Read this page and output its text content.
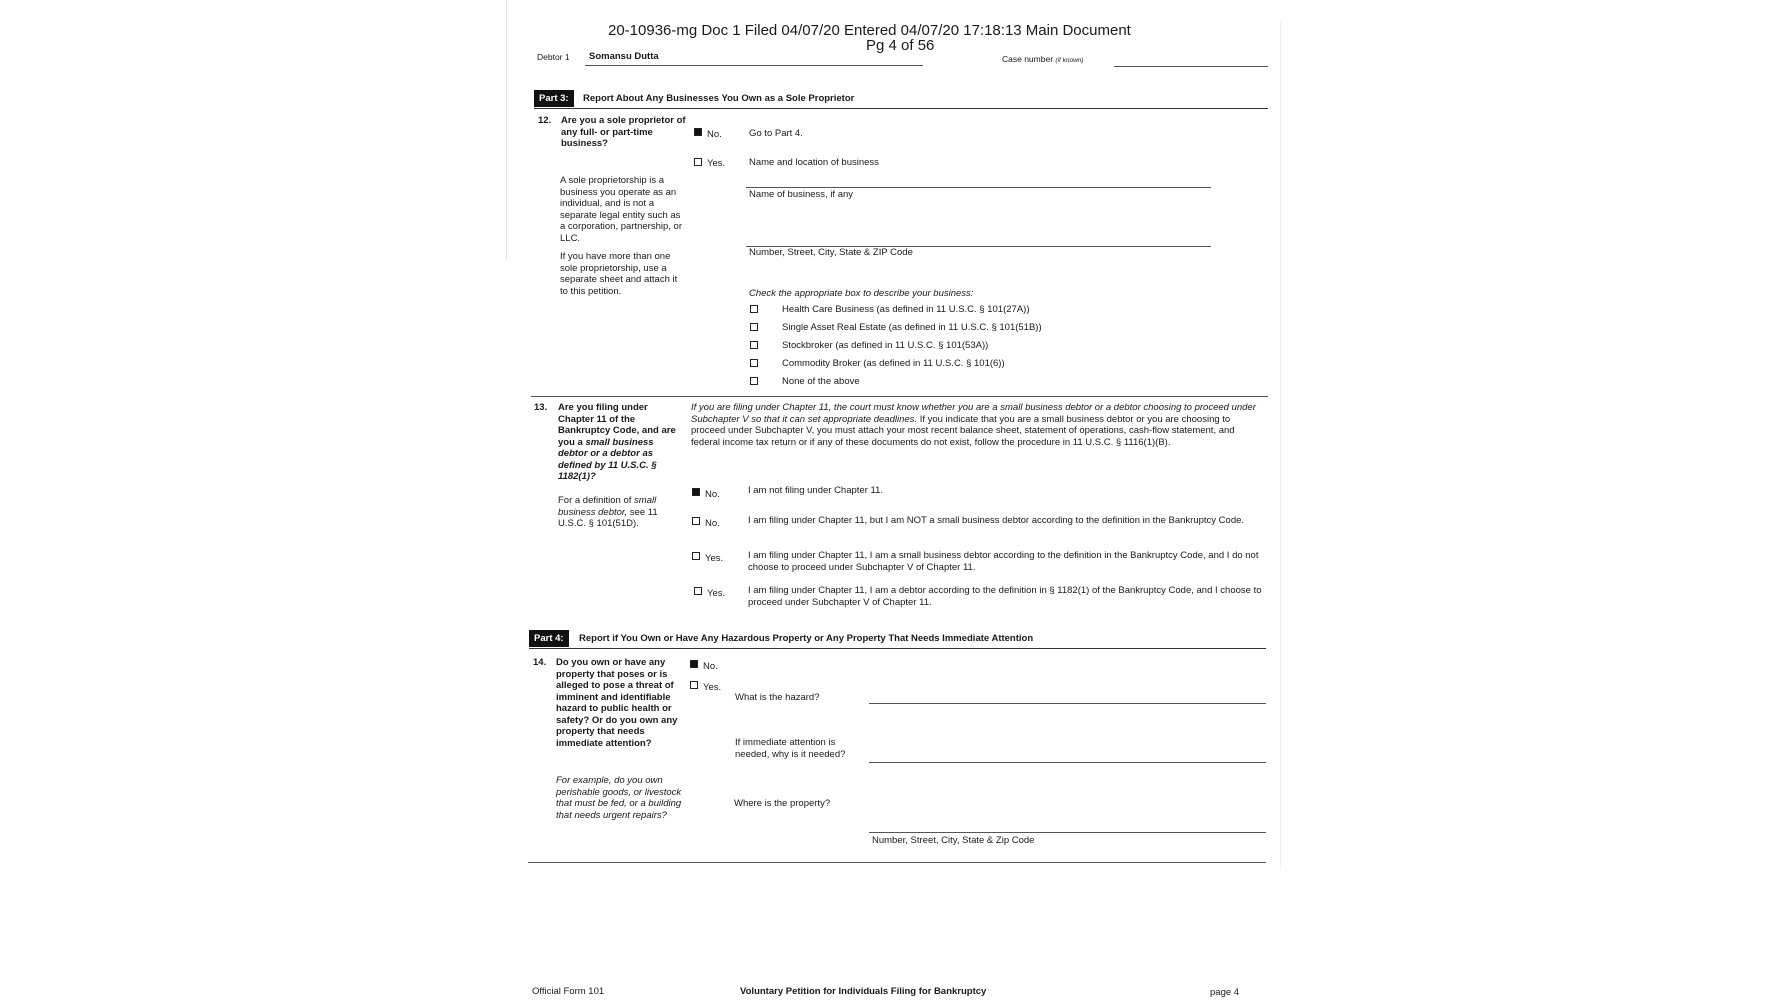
20-10936-mg Doc 1 Filed 04/07/20 Entered 04/07/20 17:18:13 Main Document
Pg 4 of 56
Debtor 1 Somansu Dutta	Case number (if known)
Part 3:	Report About Any Businesses You Own as a Sole Proprietor
12. Are you a sole proprietor of any full- or part-time business?
A sole proprietorship is a business you operate as an individual, and is not a separate legal entity such as a corporation, partnership, or LLC.
If you have more than one sole proprietorship, use a separate sheet and attach it to this petition.
No.	Go to Part 4.
Yes.	Name and location of business
Name of business, if any
Number, Street, City, State & ZIP Code
Check the appropriate box to describe your business:
Health Care Business (as defined in 11 U.S.C. § 101(27A))
Single Asset Real Estate (as defined in 11 U.S.C. § 101(51B))
Stockbroker (as defined in 11 U.S.C. § 101(53A))
Commodity Broker (as defined in 11 U.S.C. § 101(6))
None of the above
13. Are you filing under Chapter 11 of the Bankruptcy Code, and are you a small business debtor or a debtor as defined by 11 U.S.C. § 1182(1)?
For a definition of small business debtor, see 11 U.S.C. § 101(51D).
If you are filing under Chapter 11, the court must know whether you are a small business debtor or a debtor choosing to proceed under Subchapter V so that it can set appropriate deadlines. If you indicate that you are a small business debtor or you are choosing to proceed under Subchapter V, you must attach your most recent balance sheet, statement of operations, cash-flow statement, and federal income tax return or if any of these documents do not exist, follow the procedure in 11 U.S.C. § 1116(1)(B).
No.	I am not filing under Chapter 11.
No.	I am filing under Chapter 11, but I am NOT a small business debtor according to the definition in the Bankruptcy Code.
Yes.	I am filing under Chapter 11, I am a small business debtor according to the definition in the Bankruptcy Code, and I do not choose to proceed under Subchapter V of Chapter 11.
Yes. I am filing under Chapter 11, I am a debtor according to the definition in § 1182(1) of the Bankruptcy Code, and I choose to proceed under Subchapter V of Chapter 11.
Part 4:	Report if You Own or Have Any Hazardous Property or Any Property That Needs Immediate Attention
14. Do you own or have any property that poses or is alleged to pose a threat of imminent and identifiable hazard to public health or safety? Or do you own any property that needs immediate attention?
For example, do you own perishable goods, or livestock that must be fed, or a building that needs urgent repairs?
No.
Yes.
What is the hazard?
If immediate attention is needed, why is it needed?
Where is the property?
Number, Street, City, State & Zip Code
Official Form 101	Voluntary Petition for Individuals Filing for Bankruptcy	page 4
